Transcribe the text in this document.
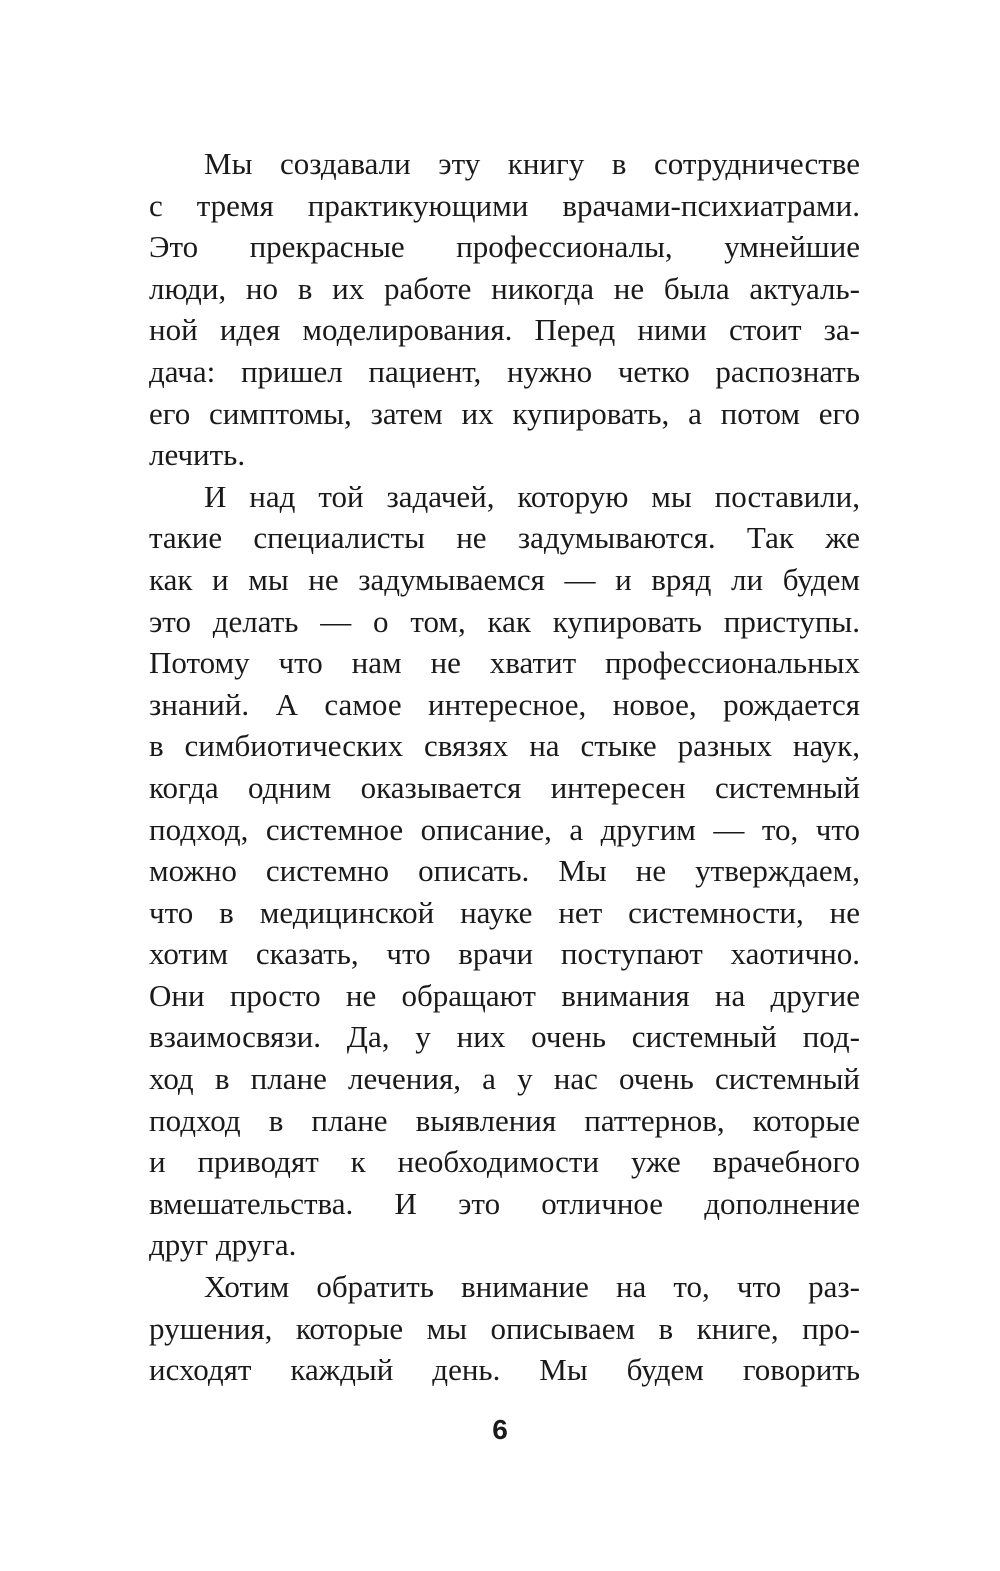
Мы создавали эту книгу в сотрудничестве
с тремя практикующими врачами-психиатрами.
Это прекрасные профессионалы, умнейшие
люди, но в их работе никогда не была актуаль-
ной идея моделирования. Перед ними стоит за-
дача: пришел пациент, нужно четко распознать
его симптомы, затем их купировать, а потом его
лечить.
И над той задачей, которую мы поставили,
такие специалисты не задумываются. Так же
как и мы не задумываемся — и вряд ли будем
это делать — о том, как купировать приступы.
Потому что нам не хватит профессиональных
знаний. А самое интересное, новое, рождается
в симбиотических связях на стыке разных наук,
когда одним оказывается интересен системный
подход, системное описание, а другим — то, что
можно системно описать. Мы не утверждаем,
что в медицинской науке нет системности, не
хотим сказать, что врачи поступают хаотично.
Они просто не обращают внимания на другие
взаимосвязи. Да, у них очень системный под-
ход в плане лечения, а у нас очень системный
подход в плане выявления паттернов, которые
и приводят к необходимости уже врачебного
вмешательства. И это отличное дополнение
друг друга.
Хотим обратить внимание на то, что раз-
рушения, которые мы описываем в книге, про-
исходят каждый день. Мы будем говорить
6
